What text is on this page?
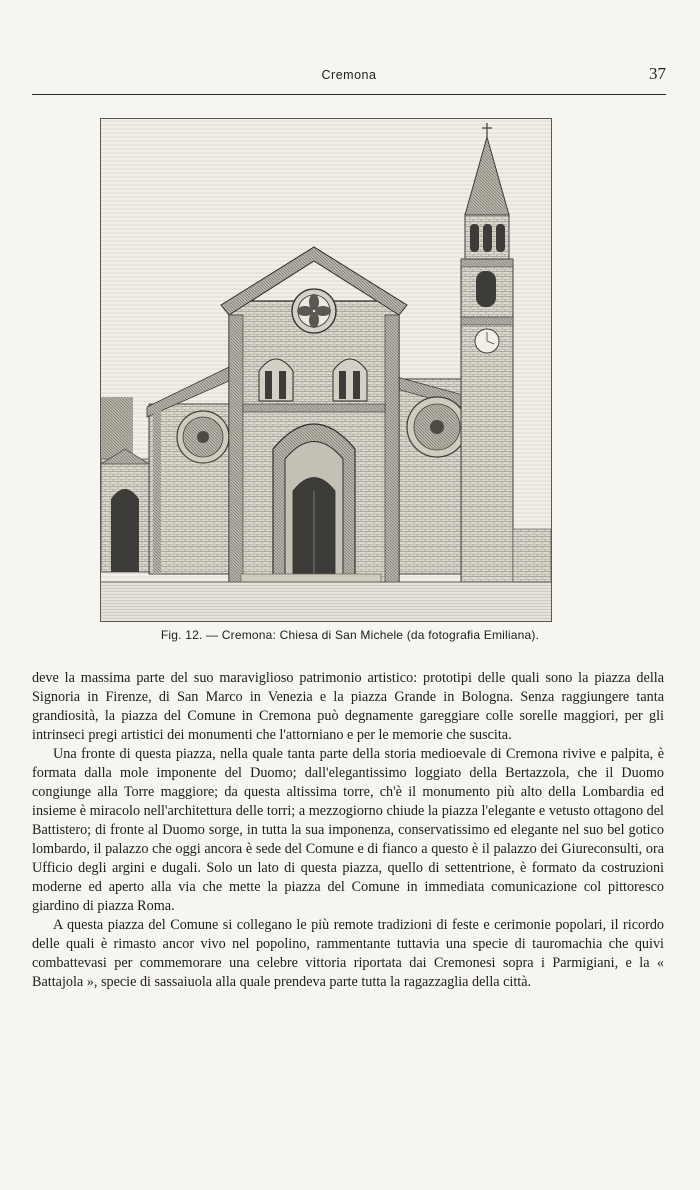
Cremona	37
Fig. 12. — Cremona: Chiesa di San Michele (da fotografia Emiliana).

deve la massima parte del suo maraviglioso patrimonio artistico: prototipi delle quali sono la piazza della Signoria in Firenze, di San Marco in Venezia e la piazza Grande in Bologna. Senza raggiungere tanta grandiosità, la piazza del Comune in Cremona può degnamente gareggiare colle sorelle maggiori, per gli intrinseci pregi artistici dei monumenti che l'attorniano e per le memorie che suscita.

Una fronte di questa piazza, nella quale tanta parte della storia medioevale di Cremona rivive e palpita, è formata dalla mole imponente del Duomo; dall'elegantissimo loggiato della Bertazzola, che il Duomo congiunge alla Torre maggiore; da questa altissima torre, ch'è il monumento più alto della Lombardia ed insieme è miracolo nell'architettura delle torri; a mezzogiorno chiude la piazza l'elegante e vetusto ottagono del Battistero; di fronte al Duomo sorge, in tutta la sua imponenza, conservatissimo ed elegante nel suo bel gotico lombardo, il palazzo che oggi ancora è sede del Comune e di fianco a questo è il palazzo dei Giureconsulti, ora Ufficio degli argini e dugali. Solo un lato di questa piazza, quello di settentrione, è formato da costruzioni moderne ed aperto alla via che mette la piazza del Comune in immediata comunicazione col pittoresco giardino di piazza Roma.

A questa piazza del Comune si collegano le più remote tradizioni di feste e cerimonie popolari, il ricordo delle quali è rimasto ancor vivo nel popolino, rammentante tuttavia una specie di tauromachia che quivi combattevasi per commemorare una celebre vittoria riportata dai Cremonesi sopra i Parmigiani, e la « Battajola », specie di sassaiuola alla quale prendeva parte tutta la ragazzaglia della città.
